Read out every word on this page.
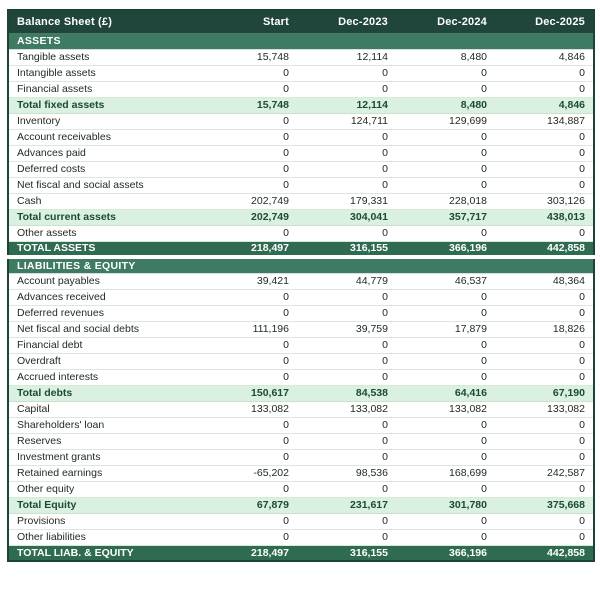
Balance Sheet (£)	Start	Dec-2023	Dec-2024	Dec-2025
ASSETS				
Tangible assets	15,748	12,114	8,480	4,846
Intangible assets	0	0	0	0
Financial assets	0	0	0	0
Total fixed assets	15,748	12,114	8,480	4,846
Inventory	0	124,711	129,699	134,887
Account receivables	0	0	0	0
Advances paid	0	0	0	0
Deferred costs	0	0	0	0
Net fiscal and social assets	0	0	0	0
Cash	202,749	179,331	228,018	303,126
Total current assets	202,749	304,041	357,717	438,013
Other assets	0	0	0	0
TOTAL ASSETS	218,497	316,155	366,196	442,858
LIABILITIES & EQUITY				
Account payables	39,421	44,779	46,537	48,364
Advances received	0	0	0	0
Deferred revenues	0	0	0	0
Net fiscal and social debts	111,196	39,759	17,879	18,826
Financial debt	0	0	0	0
Overdraft	0	0	0	0
Accrued interests	0	0	0	0
Total debts	150,617	84,538	64,416	67,190
Capital	133,082	133,082	133,082	133,082
Shareholders' loan	0	0	0	0
Reserves	0	0	0	0
Investment grants	0	0	0	0
Retained earnings	-65,202	98,536	168,699	242,587
Other equity	0	0	0	0
Total Equity	67,879	231,617	301,780	375,668
Provisions	0	0	0	0
Other liabilities	0	0	0	0
TOTAL LIAB. & EQUITY	218,497	316,155	366,196	442,858
